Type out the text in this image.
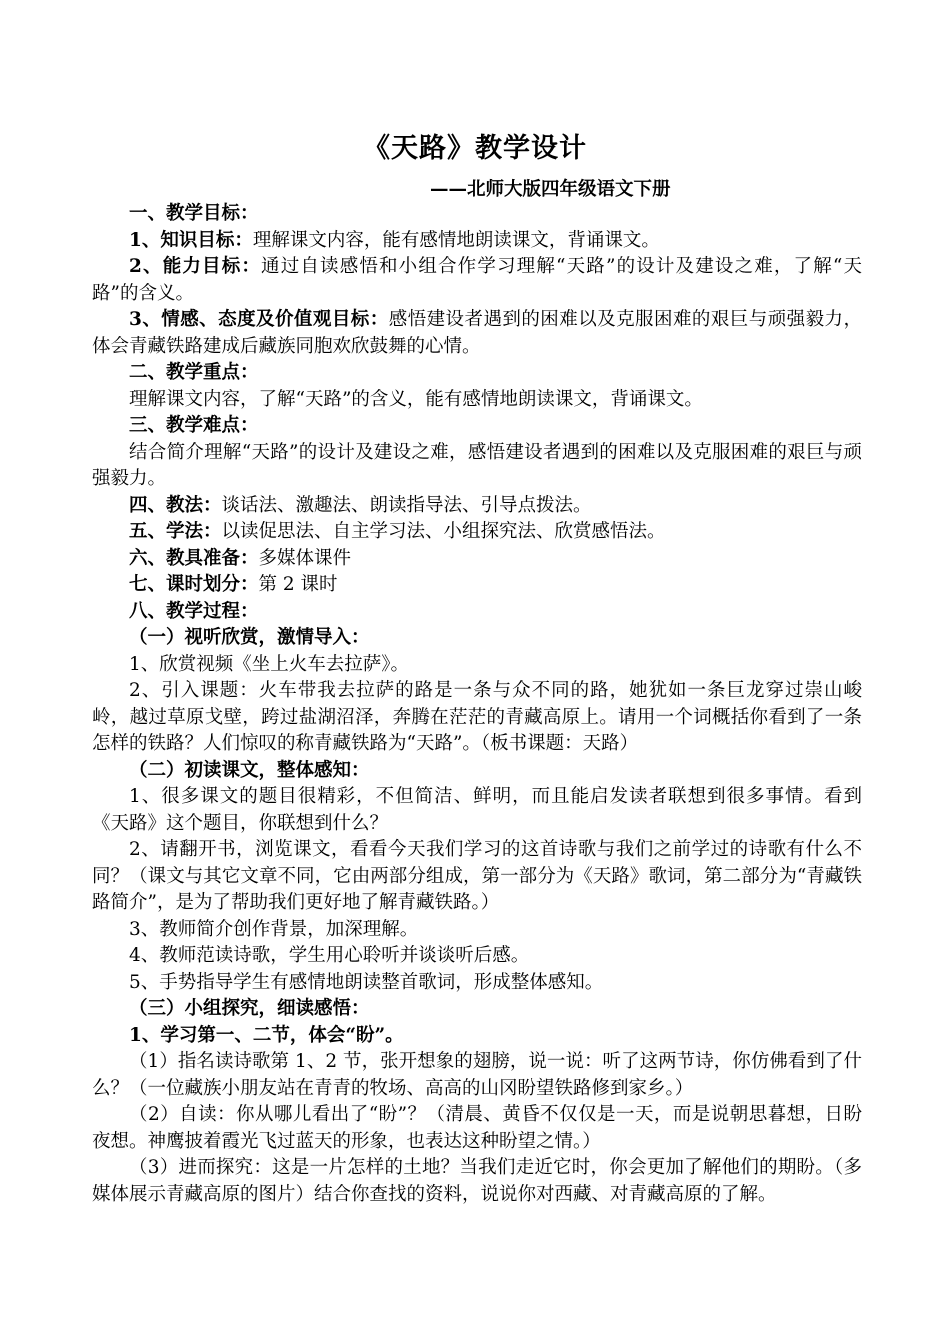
《天路》教学设计
——北师大版四年级语文下册

一、教学目标：

1、知识目标：理解课文内容，能有感情地朗读课文，背诵课文。

2、能力目标：通过自读感悟和小组合作学习理解“天路”的设计及建设之难，了解“天路”的含义。

3、情感、态度及价值观目标：感悟建设者遇到的困难以及克服困难的艰巨与顽强毅力，体会青藏铁路建成后藏族同胞欢欣鼓舞的心情。

二、教学重点：

理解课文内容，了解“天路”的含义，能有感情地朗读课文，背诵课文。

三、教学难点：

结合简介理解“天路”的设计及建设之难，感悟建设者遇到的困难以及克服困难的艰巨与顽强毅力。

四、教法：谈话法、激趣法、朗读指导法、引导点拨法。

五、学法：以读促思法、自主学习法、小组探究法、欣赏感悟法。

六、教具准备：多媒体课件

七、课时划分：第 2 课时

八、教学过程：

（一）视听欣赏，激情导入：

1、欣赏视频《坐上火车去拉萨》。

2、引入课题：火车带我去拉萨的路是一条与众不同的路，她犹如一条巨龙穿过崇山峻岭，越过草原戈壁，跨过盐湖沼泽，奔腾在茫茫的青藏高原上。请用一个词概括你看到了一条怎样的铁路？人们惊叹的称青藏铁路为“天路”。（板书课题：天路）

（二）初读课文，整体感知：

1、很多课文的题目很精彩，不但简洁、鲜明，而且能启发读者联想到很多事情。看到《天路》这个题目，你联想到什么？

2、请翻开书，浏览课文，看看今天我们学习的这首诗歌与我们之前学过的诗歌有什么不同？（课文与其它文章不同，它由两部分组成，第一部分为《天路》歌词，第二部分为“青藏铁路简介”，是为了帮助我们更好地了解青藏铁路。）

3、教师简介创作背景，加深理解。

4、教师范读诗歌，学生用心聆听并谈谈听后感。

5、手势指导学生有感情地朗读整首歌词，形成整体感知。

（三）小组探究，细读感悟：

1、学习第一、二节，体会“盼”。

（1）指名读诗歌第 1、2 节，张开想象的翅膀，说一说：听了这两节诗，你仿佛看到了什么？（一位藏族小朋友站在青青的牧场、高高的山冈盼望铁路修到家乡。）

（2）自读：你从哪儿看出了“盼”？（清晨、黄昏不仅仅是一天，而是说朝思暮想，日盼夜想。神鹰披着霞光飞过蓝天的形象，也表达这种盼望之情。）

（3）进而探究：这是一片怎样的土地？当我们走近它时，你会更加了解他们的期盼。（多媒体展示青藏高原的图片）结合你查找的资料，说说你对西藏、对青藏高原的了解。
